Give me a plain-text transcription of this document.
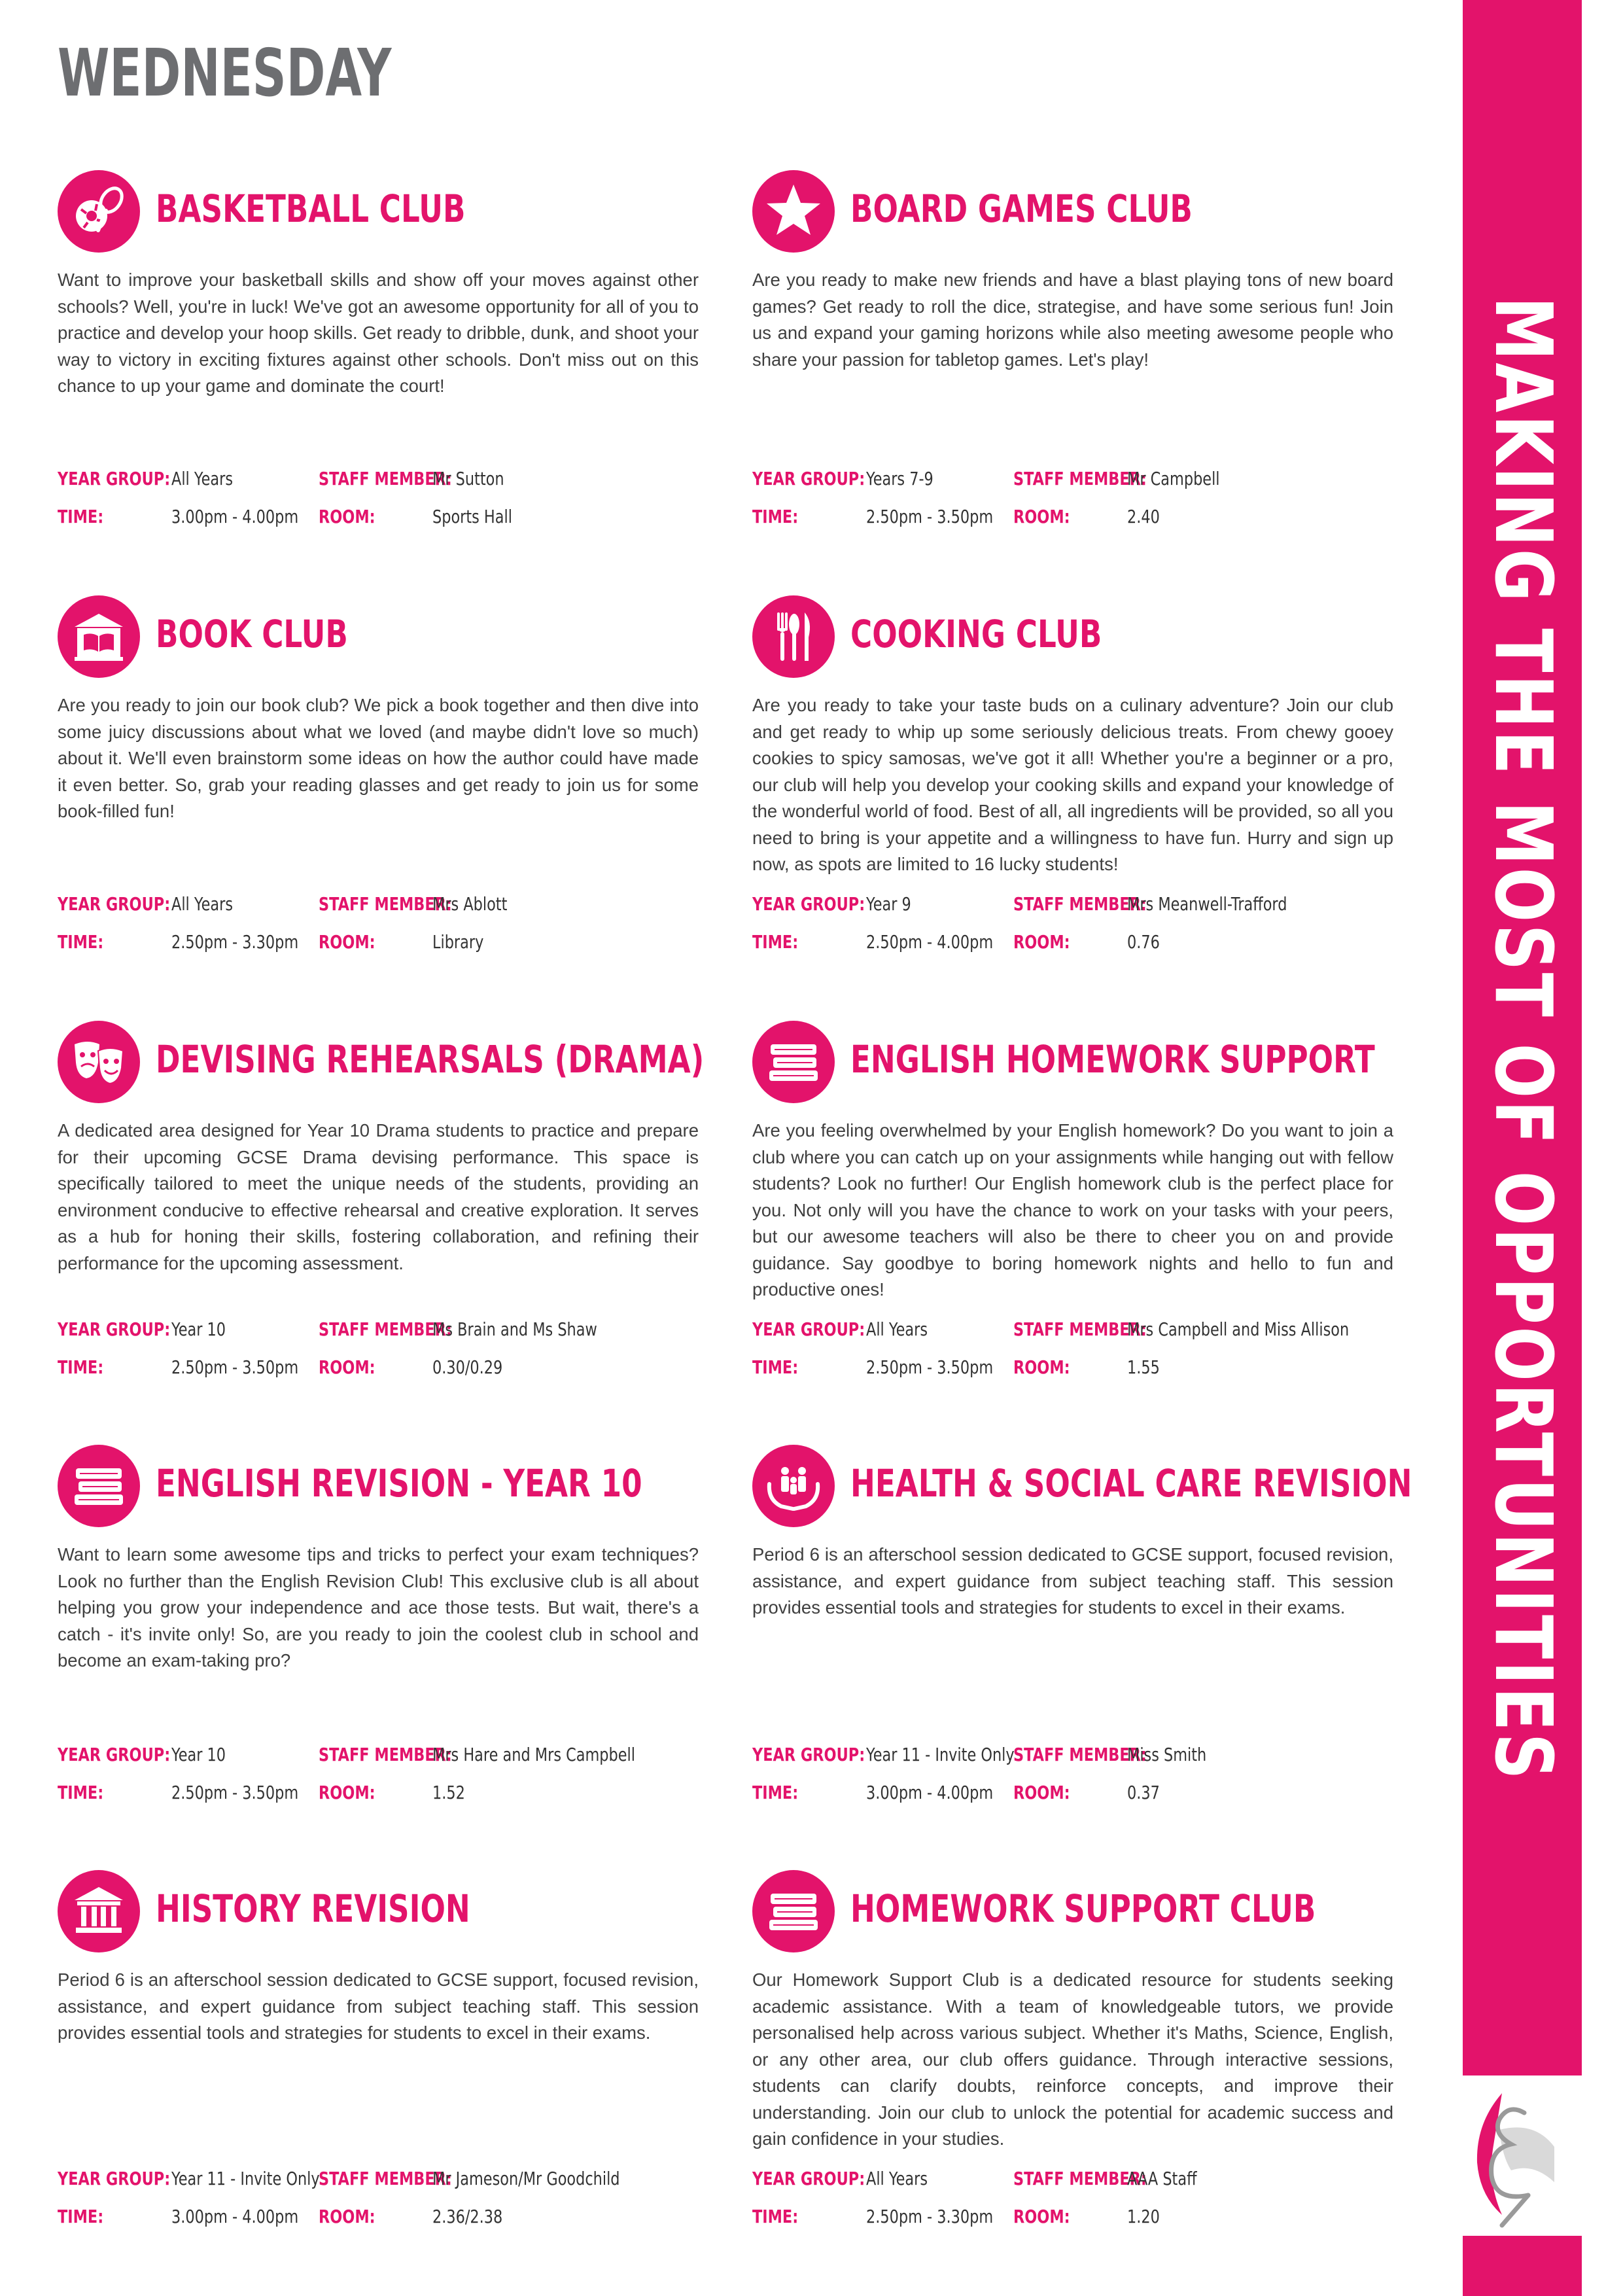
WEDNESDAY
BASKETBALL CLUB

Want to improve your basketball skills and show off your moves against other schools? Well, you're in luck! We've got an awesome opportunity for all of you to practice and develop your hoop skills. Get ready to dribble, dunk, and shoot your way to victory in exciting fixtures against other schools. Don't miss out on this chance to up your game and dominate the court!

YEAR GROUP: All Years	STAFF MEMBER:
Mr Sutton
TIME:	3.00pm - 4.00pm ROOM:	Sports Hall
BOARD GAMES CLUB

Are you ready to make new friends and have a blast playing tons of new board games? Get ready to roll the dice, strategise, and have some serious fun! Join us and expand your gaming horizons while also meeting awesome people who share your passion for tabletop games. Let's play!

YEAR GROUP: Years 7-9	STAFF MEMBER:
Mr Campbell
TIME:	2.50pm - 3.50pm ROOM:	2.40
BOOK CLUB

Are you ready to join our book club? We pick a book together and then dive into some juicy discussions about what we loved (and maybe didn't love so much) about it. We'll even brainstorm some ideas on how the author could have made it even better. So, grab your reading glasses and get ready to join us for some book-filled fun!

YEAR GROUP: All Years	STAFF MEMBER:
Mrs Ablott
TIME:	2.50pm - 3.30pm ROOM:	Library
COOKING CLUB

Are you ready to take your taste buds on a culinary adventure? Join our club and get ready to whip up some seriously delicious treats. From chewy gooey cookies to spicy samosas, we've got it all! Whether you're a beginner or a pro, our club will help you develop your cooking skills and expand your knowledge of the wonderful world of food. Best of all, all ingredients will be provided, so all you need to bring is your appetite and a willingness to have fun. Hurry and sign up now, as spots are limited to 16 lucky students!

YEAR GROUP: Year 9	STAFF MEMBER:
Mrs Meanwell-Trafford
TIME:	2.50pm - 4.00pm ROOM:	0.76
DEVISING REHEARSALS (DRAMA)

A dedicated area designed for Year 10 Drama students to practice and prepare for their upcoming GCSE Drama devising performance. This space is specifically tailored to meet the unique needs of the students, providing an environment conducive to effective rehearsal and creative exploration. It serves as a hub for honing their skills, fostering collaboration, and refining their performance for the upcoming assessment.

YEAR GROUP: Year 10	STAFF MEMBER:
Ms Brain and Ms Shaw
TIME:	2.50pm - 3.50pm ROOM:	0.30/0.29
ENGLISH HOMEWORK SUPPORT

Are you feeling overwhelmed by your English homework? Do you want to join a club where you can catch up on your assignments while hanging out with fellow students? Look no further! Our English homework club is the perfect place for you. Not only will you have the chance to work on your tasks with your peers, but our awesome teachers will also be there to cheer you on and provide guidance. Say goodbye to boring homework nights and hello to fun and productive ones!

YEAR GROUP: All Years	STAFF MEMBER:
Mrs Campbell and Miss Allison
TIME:	2.50pm - 3.50pm ROOM:	1.55
ENGLISH REVISION - YEAR 10

Want to learn some awesome tips and tricks to perfect your exam techniques? Look no further than the English Revision Club! This exclusive club is all about helping you grow your independence and ace those tests. But wait, there's a catch - it's invite only! So, are you ready to join the coolest club in school and become an exam-taking pro?

YEAR GROUP: Year 10	STAFF MEMBER:
Mrs Hare and Mrs Campbell
TIME:	2.50pm - 3.50pm ROOM:	1.52
HEALTH & SOCIAL CARE REVISION

Period 6 is an afterschool session dedicated to GCSE support, focused revision, assistance, and expert guidance from subject teaching staff. This session provides essential tools and strategies for students to excel in their exams.

YEAR GROUP: Year 11 - Invite Only
STAFF MEMBER:
Miss Smith
TIME:	3.00pm - 4.00pm ROOM:	0.37
HISTORY REVISION

Period 6 is an afterschool session dedicated to GCSE support, focused revision, assistance, and expert guidance from subject teaching staff. This session provides essential tools and strategies for students to excel in their exams.

YEAR GROUP: Year 11 - Invite Only
STAFF MEMBER:
Mr Jameson/Mr Goodchild
TIME:	3.00pm - 4.00pm ROOM:	2.36/2.38
HOMEWORK SUPPORT CLUB

Our Homework Support Club is a dedicated resource for students seeking academic assistance. With a team of knowledgeable tutors, we provide personalised help across various subject. Whether it's Maths, Science, English, or any other area, our club offers guidance. Through interactive sessions, students can clarify doubts, reinforce concepts, and improve their understanding. Join our club to unlock the potential for academic success and gain confidence in your studies.

YEAR GROUP: All Years	STAFF MEMBER:
AAA Staff
TIME:	2.50pm - 3.30pm ROOM:	1.20

MAKING THE MOST OF OPPORTUNITIES
